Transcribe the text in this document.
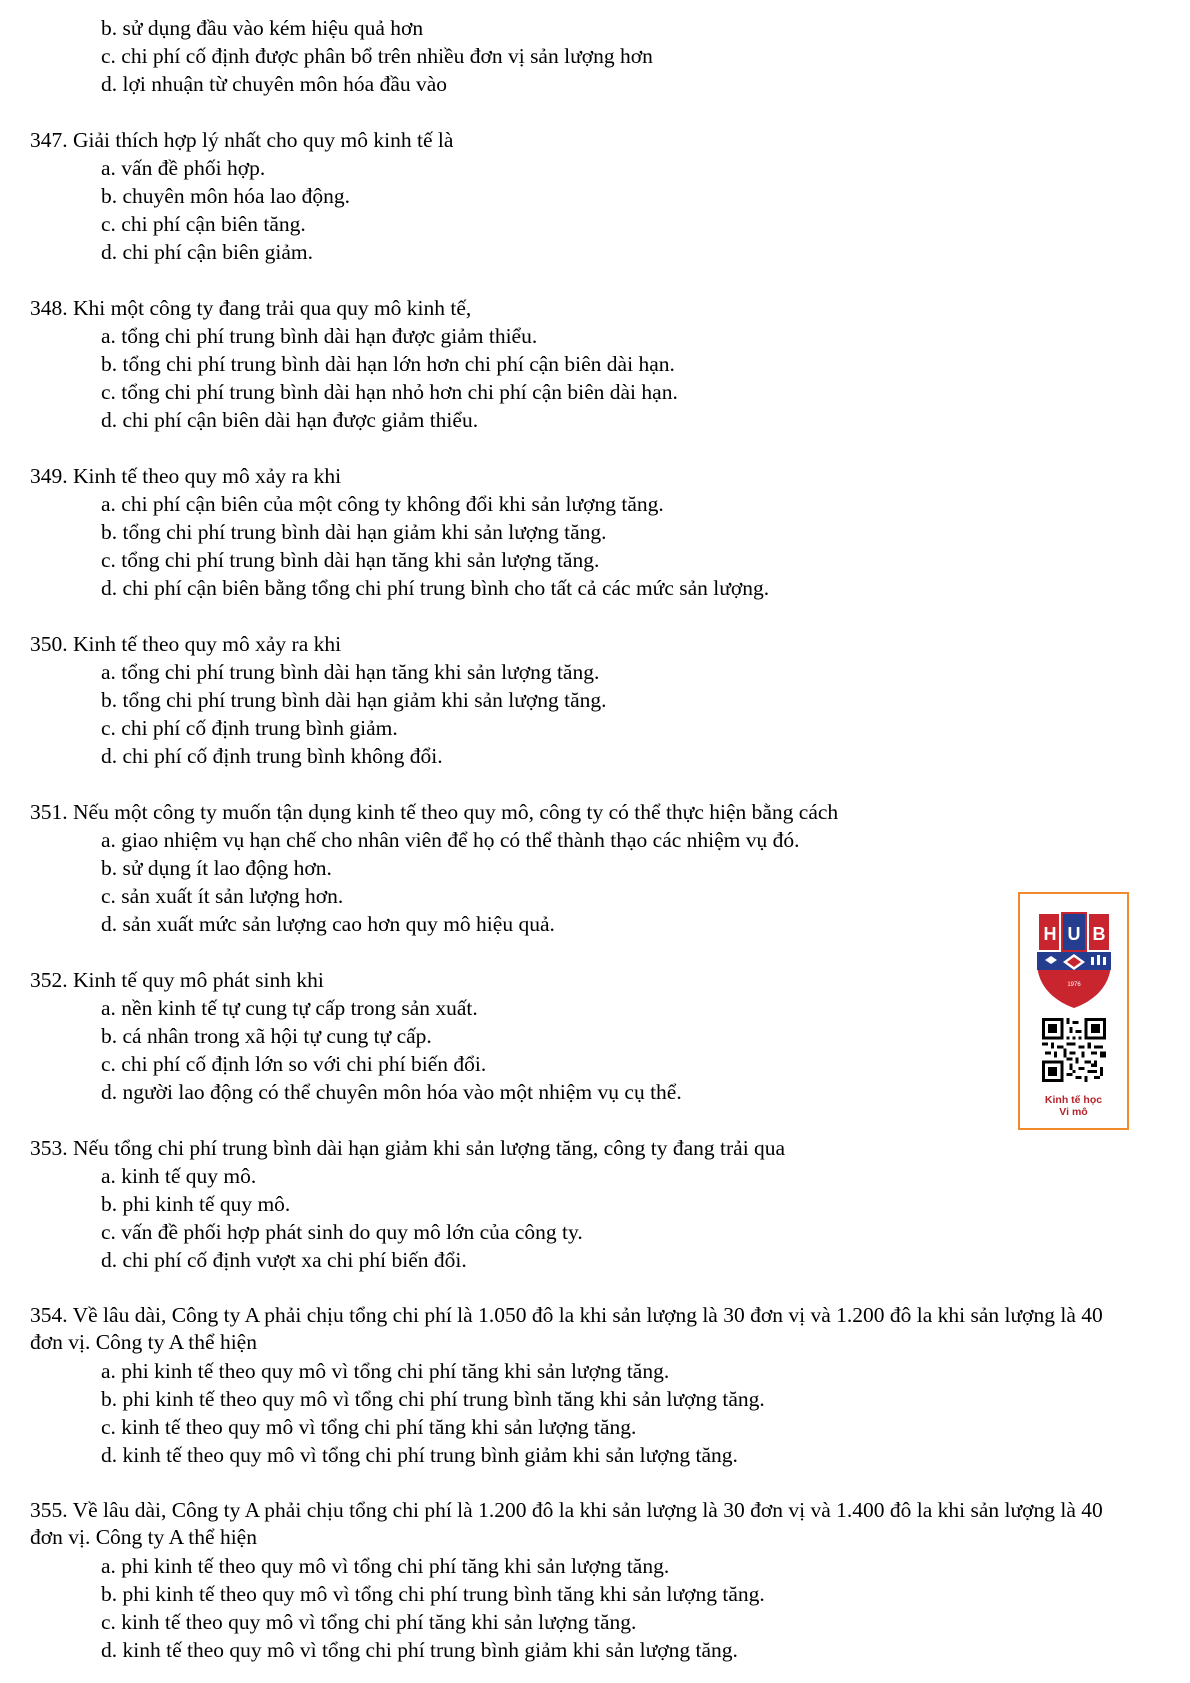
b. sử dụng đầu vào kém hiệu quả hơn
c. chi phí cố định được phân bổ trên nhiều đơn vị sản lượng hơn
d. lợi nhuận từ chuyên môn hóa đầu vào
347. Giải thích hợp lý nhất cho quy mô kinh tế là
a. vấn đề phối hợp.
b. chuyên môn hóa lao động.
c. chi phí cận biên tăng.
d. chi phí cận biên giảm.
348. Khi một công ty đang trải qua quy mô kinh tế,
a. tổng chi phí trung bình dài hạn được giảm thiểu.
b. tổng chi phí trung bình dài hạn lớn hơn chi phí cận biên dài hạn.
c. tổng chi phí trung bình dài hạn nhỏ hơn chi phí cận biên dài hạn.
d. chi phí cận biên dài hạn được giảm thiểu.
349. Kinh tế theo quy mô xảy ra khi
a. chi phí cận biên của một công ty không đổi khi sản lượng tăng.
b. tổng chi phí trung bình dài hạn giảm khi sản lượng tăng.
c. tổng chi phí trung bình dài hạn tăng khi sản lượng tăng.
d. chi phí cận biên bằng tổng chi phí trung bình cho tất cả các mức sản lượng.
350. Kinh tế theo quy mô xảy ra khi
a. tổng chi phí trung bình dài hạn tăng khi sản lượng tăng.
b. tổng chi phí trung bình dài hạn giảm khi sản lượng tăng.
c. chi phí cố định trung bình giảm.
d. chi phí cố định trung bình không đổi.
351. Nếu một công ty muốn tận dụng kinh tế theo quy mô, công ty có thể thực hiện bằng cách
a. giao nhiệm vụ hạn chế cho nhân viên để họ có thể thành thạo các nhiệm vụ đó.
b. sử dụng ít lao động hơn.
c. sản xuất ít sản lượng hơn.
d. sản xuất mức sản lượng cao hơn quy mô hiệu quả.
352. Kinh tế quy mô phát sinh khi
a. nền kinh tế tự cung tự cấp trong sản xuất.
b. cá nhân trong xã hội tự cung tự cấp.
c. chi phí cố định lớn so với chi phí biến đổi.
d. người lao động có thể chuyên môn hóa vào một nhiệm vụ cụ thể.
353. Nếu tổng chi phí trung bình dài hạn giảm khi sản lượng tăng, công ty đang trải qua
a. kinh tế quy mô.
b. phi kinh tế quy mô.
c. vấn đề phối hợp phát sinh do quy mô lớn của công ty.
d. chi phí cố định vượt xa chi phí biến đổi.
354. Về lâu dài, Công ty A phải chịu tổng chi phí là 1.050 đô la khi sản lượng là 30 đơn vị và 1.200 đô la khi sản lượng là 40 đơn vị. Công ty A thể hiện
a. phi kinh tế theo quy mô vì tổng chi phí tăng khi sản lượng tăng.
b. phi kinh tế theo quy mô vì tổng chi phí trung bình tăng khi sản lượng tăng.
c. kinh tế theo quy mô vì tổng chi phí tăng khi sản lượng tăng.
d. kinh tế theo quy mô vì tổng chi phí trung bình giảm khi sản lượng tăng.
355. Về lâu dài, Công ty A phải chịu tổng chi phí là 1.200 đô la khi sản lượng là 30 đơn vị và 1.400 đô la khi sản lượng là 40 đơn vị. Công ty A thể hiện
a. phi kinh tế theo quy mô vì tổng chi phí tăng khi sản lượng tăng.
b. phi kinh tế theo quy mô vì tổng chi phí trung bình tăng khi sản lượng tăng.
c. kinh tế theo quy mô vì tổng chi phí tăng khi sản lượng tăng.
d. kinh tế theo quy mô vì tổng chi phí trung bình giảm khi sản lượng tăng.
H U B
1976
Kinh tế học
Vi mô
